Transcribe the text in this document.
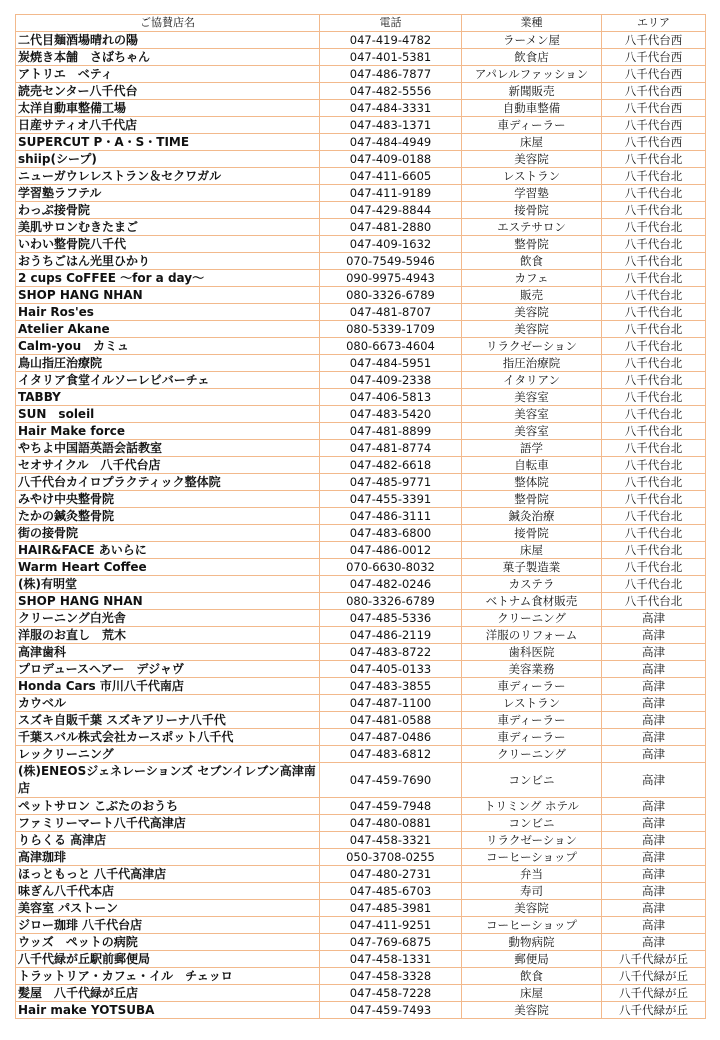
ご協賛店名	電話	業種	エリア
二代目麺酒場晴れの陽	047-419-4782	ラーメン屋	八千代台西
炭焼き本舗　さばちゃん	047-401-5381	飲食店	八千代台西
アトリエ　ベティ	047-486-7877	アパレルファッション	八千代台西
読売センター八千代台	047-482-5556	新聞販売	八千代台西
太洋自動車整備工場	047-484-3331	自動車整備	八千代台西
日産サティオ八千代店	047-483-1371	車ディーラー	八千代台西
SUPERCUT P・A・S・TIME	047-484-4949	床屋	八千代台西
shiip(シープ)	047-409-0188	美容院	八千代台北
ニューガウレレストラン＆セクワガル	047-411-6605	レストラン	八千代台北
学習塾ラフテル	047-411-9189	学習塾	八千代台北
わっぷ接骨院	047-429-8844	接骨院	八千代台北
美肌サロンむきたまご	047-481-2880	エステサロン	八千代台北
いわい整骨院八千代	047-409-1632	整骨院	八千代台北
おうちごはん光里ひかり	070-7549-5946	飲食	八千代台北
2 cups CoFFEE 〜for a day〜	090-9975-4943	カフェ	八千代台北
SHOP HANG NHAN	080-3326-6789	販売	八千代台北
Hair Ros'es	047-481-8707	美容院	八千代台北
Atelier Akane	080-5339-1709	美容院	八千代台北
Calm-you　カミュ	080-6673-4604	リラクゼーション	八千代台北
鳥山指圧治療院	047-484-5951	指圧治療院	八千代台北
イタリア食堂イルソーレビバーチェ	047-409-2338	イタリアン	八千代台北
TABBY	047-406-5813	美容室	八千代台北
SUN　soleil	047-483-5420	美容室	八千代台北
Hair Make force	047-481-8899	美容室	八千代台北
やちよ中国語英語会話教室	047-481-8774	語学	八千代台北
セオサイクル　八千代台店	047-482-6618	自転車	八千代台北
八千代台カイロプラクティック整体院	047-485-9771	整体院	八千代台北
みやけ中央整骨院	047-455-3391	整骨院	八千代台北
たかの鍼灸整骨院	047-486-3111	鍼灸治療	八千代台北
街の接骨院	047-483-6800	接骨院	八千代台北
HAIR&FACE あいらに	047-486-0012	床屋	八千代台北
Warm Heart Coffee	070-6630-8032	菓子製造業	八千代台北
(株)有明堂	047-482-0246	カステラ	八千代台北
SHOP HANG NHAN	080-3326-6789	ベトナム食材販売	八千代台北
クリーニング白光舎	047-485-5336	クリーニング	高津
洋服のお直し　荒木	047-486-2119	洋服のリフォーム	高津
高津歯科	047-483-8722	歯科医院	高津
プロデュースヘアー　デジャヴ	047-405-0133	美容業務	高津
Honda Cars 市川八千代南店	047-483-3855	車ディーラー	高津
カウベル	047-487-1100	レストラン	高津
スズキ自販千葉 スズキアリーナ八千代	047-481-0588	車ディーラー	高津
千葉スバル株式会社カースポット八千代	047-487-0486	車ディーラー	高津
レックリーニング	047-483-6812	クリーニング	高津
(株)ENEOSジェネレーションズ セブンイレブン高津南店	047-459-7690	コンビニ	高津
ペットサロン こぶたのおうち	047-459-7948	トリミング ホテル	高津
ファミリーマート八千代高津店	047-480-0881	コンビニ	高津
りらくる 高津店	047-458-3321	リラクゼーション	高津
高津珈琲	050-3708-0255	コーヒーショップ	高津
ほっともっと 八千代高津店	047-480-2731	弁当	高津
味ぎん八千代本店	047-485-6703	寿司	高津
美容室 パストーン	047-485-3981	美容院	高津
ジロー珈琲 八千代台店	047-411-9251	コーヒーショップ	高津
ウッズ　ペットの病院	047-769-6875	動物病院	高津
八千代緑が丘駅前郵便局	047-458-1331	郵便局	八千代緑が丘
トラットリア・カフェ・イル　チェッロ	047-458-3328	飲食	八千代緑が丘
髪屋　八千代緑が丘店	047-458-7228	床屋	八千代緑が丘
Hair make YOTSUBA	047-459-7493	美容院	八千代緑が丘
